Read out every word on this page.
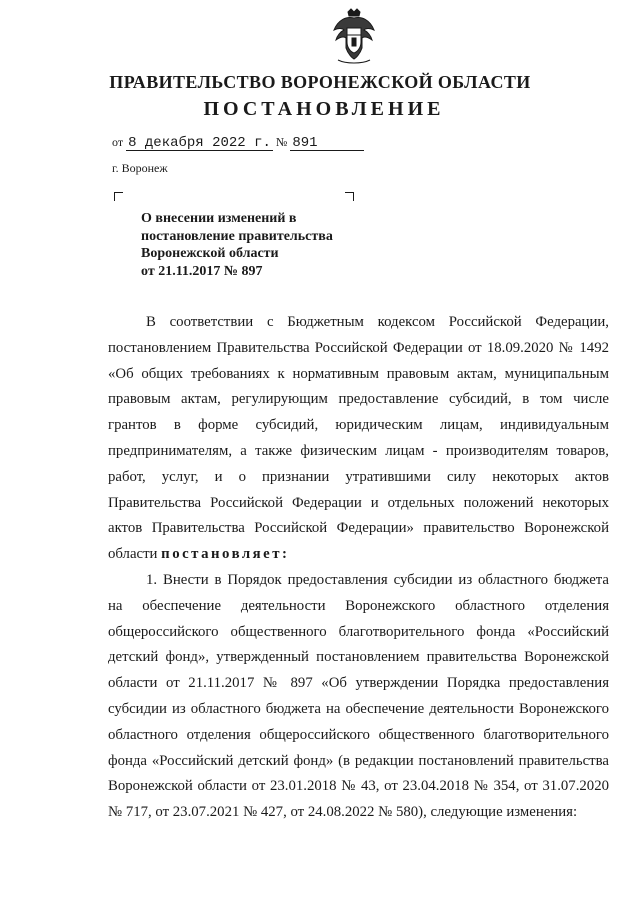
ПРАВИТЕЛЬСТВО ВОРОНЕЖСКОЙ ОБЛАСТИ
ПОСТАНОВЛЕНИЕ
от 8 декабря 2022 г. № 891
г. Воронеж
О внесении изменений в
постановление правительства
Воронежской области
от 21.11.2017 № 897
В соответствии с Бюджетным кодексом Российской Федерации,
постановлением Правительства Российской Федерации от 18.09.2020 № 1492
«Об общих требованиях к нормативным правовым актам, муниципальным
правовым актам, регулирующим предоставление субсидий, в том числе
грантов в форме субсидий, юридическим лицам, индивидуальным
предпринимателям, а также физическим лицам - производителям товаров,
работ, услуг, и о признании утратившими силу некоторых актов
Правительства Российской Федерации и отдельных положений некоторых
актов Правительства Российской Федерации» правительство Воронежской
области постановляет:
1. Внести в Порядок предоставления субсидии из областного бюджета
на обеспечение деятельности Воронежского областного отделения
общероссийского общественного благотворительного фонда «Российский
детский фонд», утвержденный постановлением правительства Воронежской
области от 21.11.2017 № 897 «Об утверждении Порядка предоставления
субсидии из областного бюджета на обеспечение деятельности Воронежского
областного отделения общероссийского общественного благотворительного
фонда «Российский детский фонд» (в редакции постановлений правительства
Воронежской области от 23.01.2018 № 43, от 23.04.2018 № 354, от 31.07.2020
№ 717, от 23.07.2021 № 427, от 24.08.2022 № 580), следующие изменения:
